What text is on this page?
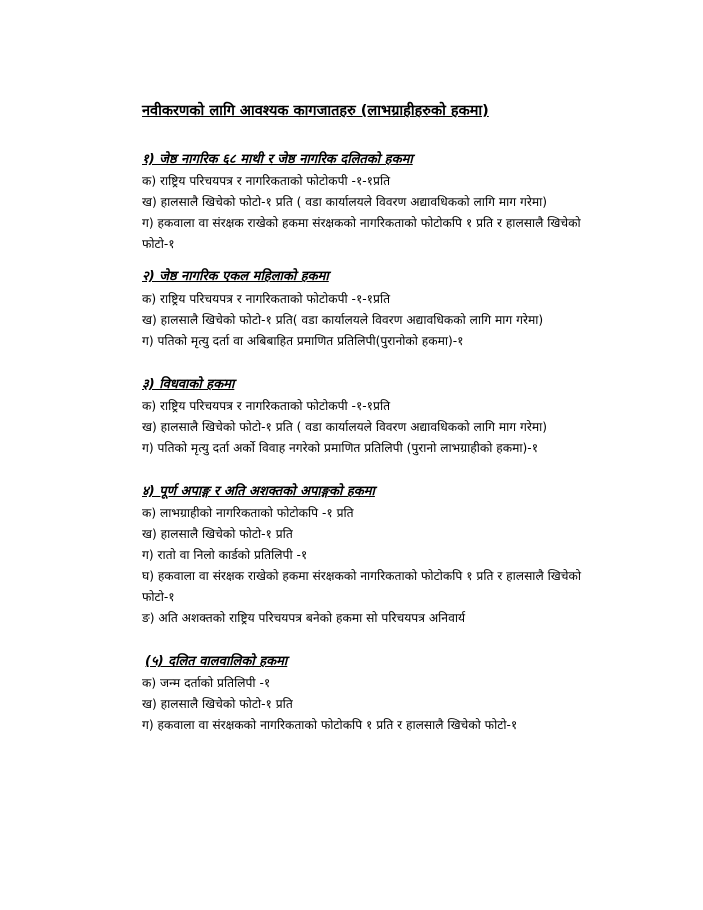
नवीकरणको लागि आवश्यक कागजातहरु (लाभग्राहीहरुको हकमा)
१) जेष्ठ नागरिक ६८ माथी र जेष्ठ नागरिक दलितको हकमा
क) राष्ट्रिय परिचयपत्र र नागरिकताको फोटोकपी -१-१प्रति
ख) हालसालै खिचेको फोटो-१ प्रति ( वडा कार्यालयले विवरण अद्यावधिकको लागि माग गरेमा)
ग) हकवाला वा संरक्षक राखेको हकमा संरक्षकको नागरिकताको फोटोकपि १ प्रति र हालसालै खिचेको
फोटो-१
२) जेष्ठ नागरिक एकल महिलाको हकमा
क) राष्ट्रिय परिचयपत्र र नागरिकताको फोटोकपी -१-१प्रति
ख) हालसालै खिचेको फोटो-१ प्रति( वडा कार्यालयले विवरण अद्यावधिकको लागि माग गरेमा)
ग) पतिको मृत्यु दर्ता वा अबिबाहित प्रमाणित प्रतिलिपी(पुरानोको हकमा)-१
३) विधवाको हकमा
क) राष्ट्रिय परिचयपत्र र नागरिकताको फोटोकपी -१-१प्रति
ख) हालसालै खिचेको फोटो-१ प्रति ( वडा कार्यालयले विवरण अद्यावधिकको लागि माग गरेमा)
ग) पतिको मृत्यु दर्ता अर्को विवाह नगरेको प्रमाणित प्रतिलिपी (पुरानो लाभग्राहीको हकमा)-१
४) पूर्ण अपाङ्ग र अति अशक्तको अपाङ्गको हकमा
क) लाभग्राहीको नागरिकताको फोटोकपि -१ प्रति
ख) हालसालै खिचेको फोटो-१ प्रति
ग) रातो वा निलो कार्डको प्रतिलिपी -१
घ) हकवाला वा संरक्षक राखेको हकमा संरक्षकको नागरिकताको फोटोकपि १ प्रति र हालसालै खिचेको
फोटो-१
ङ) अति अशक्तको राष्ट्रिय परिचयपत्र बनेको हकमा सो परिचयपत्र अनिवार्य
(५) दलित वालवालिको हकमा
क) जन्म दर्ताको प्रतिलिपी -१
ख) हालसालै खिचेको फोटो-१ प्रति
ग) हकवाला वा संरक्षकको नागरिकताको फोटोकपि १ प्रति र हालसालै खिचेको फोटो-१
